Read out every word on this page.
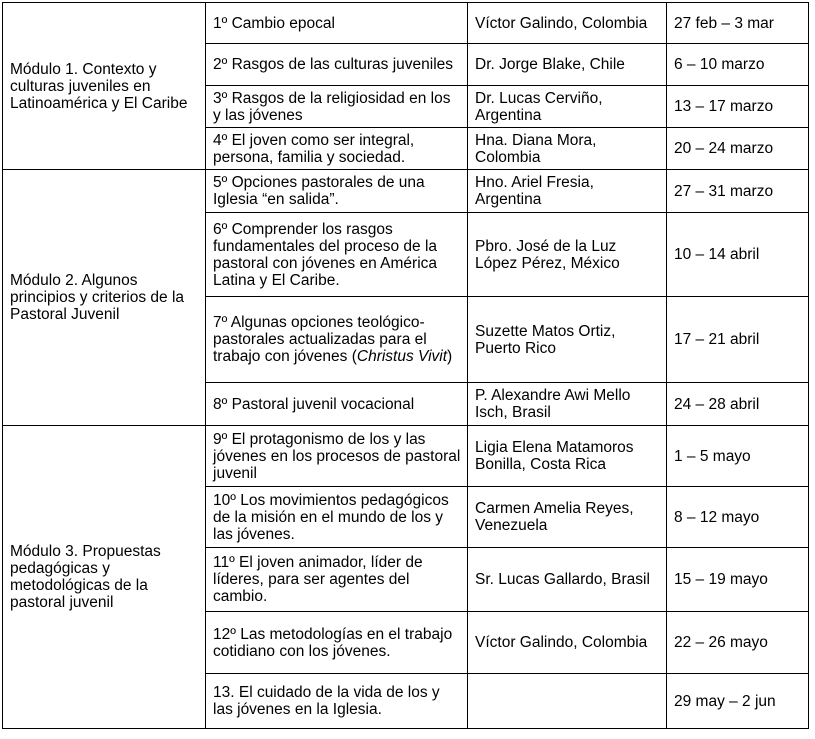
Módulo 1. Contexto y culturas juveniles en Latinoamérica y El Caribe	1º Cambio epocal	Víctor Galindo, Colombia	27 feb – 3 mar
	2º Rasgos de las culturas juveniles	Dr. Jorge Blake, Chile	6 – 10 marzo
	3º Rasgos de la religiosidad en los y las jóvenes	Dr. Lucas Cerviño, Argentina	13 – 17 marzo
	4º El joven como ser integral, persona, familia y sociedad.	Hna. Diana Mora, Colombia	20 – 24 marzo
Módulo 2. Algunos principios y criterios de la Pastoral Juvenil	5º Opciones pastorales de una Iglesia “en salida”.	Hno. Ariel Fresia, Argentina	27 – 31 marzo
	6º Comprender los rasgos fundamentales del proceso de la pastoral con jóvenes en América Latina y El Caribe.	Pbro. José de la Luz López Pérez, México	10 – 14 abril
	7º Algunas opciones teológico-pastorales actualizadas para el trabajo con jóvenes (Christus Vivit)	Suzette Matos Ortiz, Puerto Rico	17 – 21 abril
	8º Pastoral juvenil vocacional	P. Alexandre Awi Mello Isch, Brasil	24 – 28 abril
Módulo 3. Propuestas pedagógicas y metodológicas de la pastoral juvenil	9º El protagonismo de los y las jóvenes en los procesos de pastoral juvenil	Ligia Elena Matamoros Bonilla, Costa Rica	1 – 5 mayo
	10º Los movimientos pedagógicos de la misión en el mundo de los y las jóvenes.	Carmen Amelia Reyes, Venezuela	8 – 12 mayo
	11º El joven animador, líder de líderes, para ser agentes del cambio.	Sr. Lucas Gallardo, Brasil	15 – 19 mayo
	12º Las metodologías en el trabajo cotidiano con los jóvenes.	Víctor Galindo, Colombia	22 – 26 mayo
	13. El cuidado de la vida de los y las jóvenes en la Iglesia.		29 may – 2 jun
